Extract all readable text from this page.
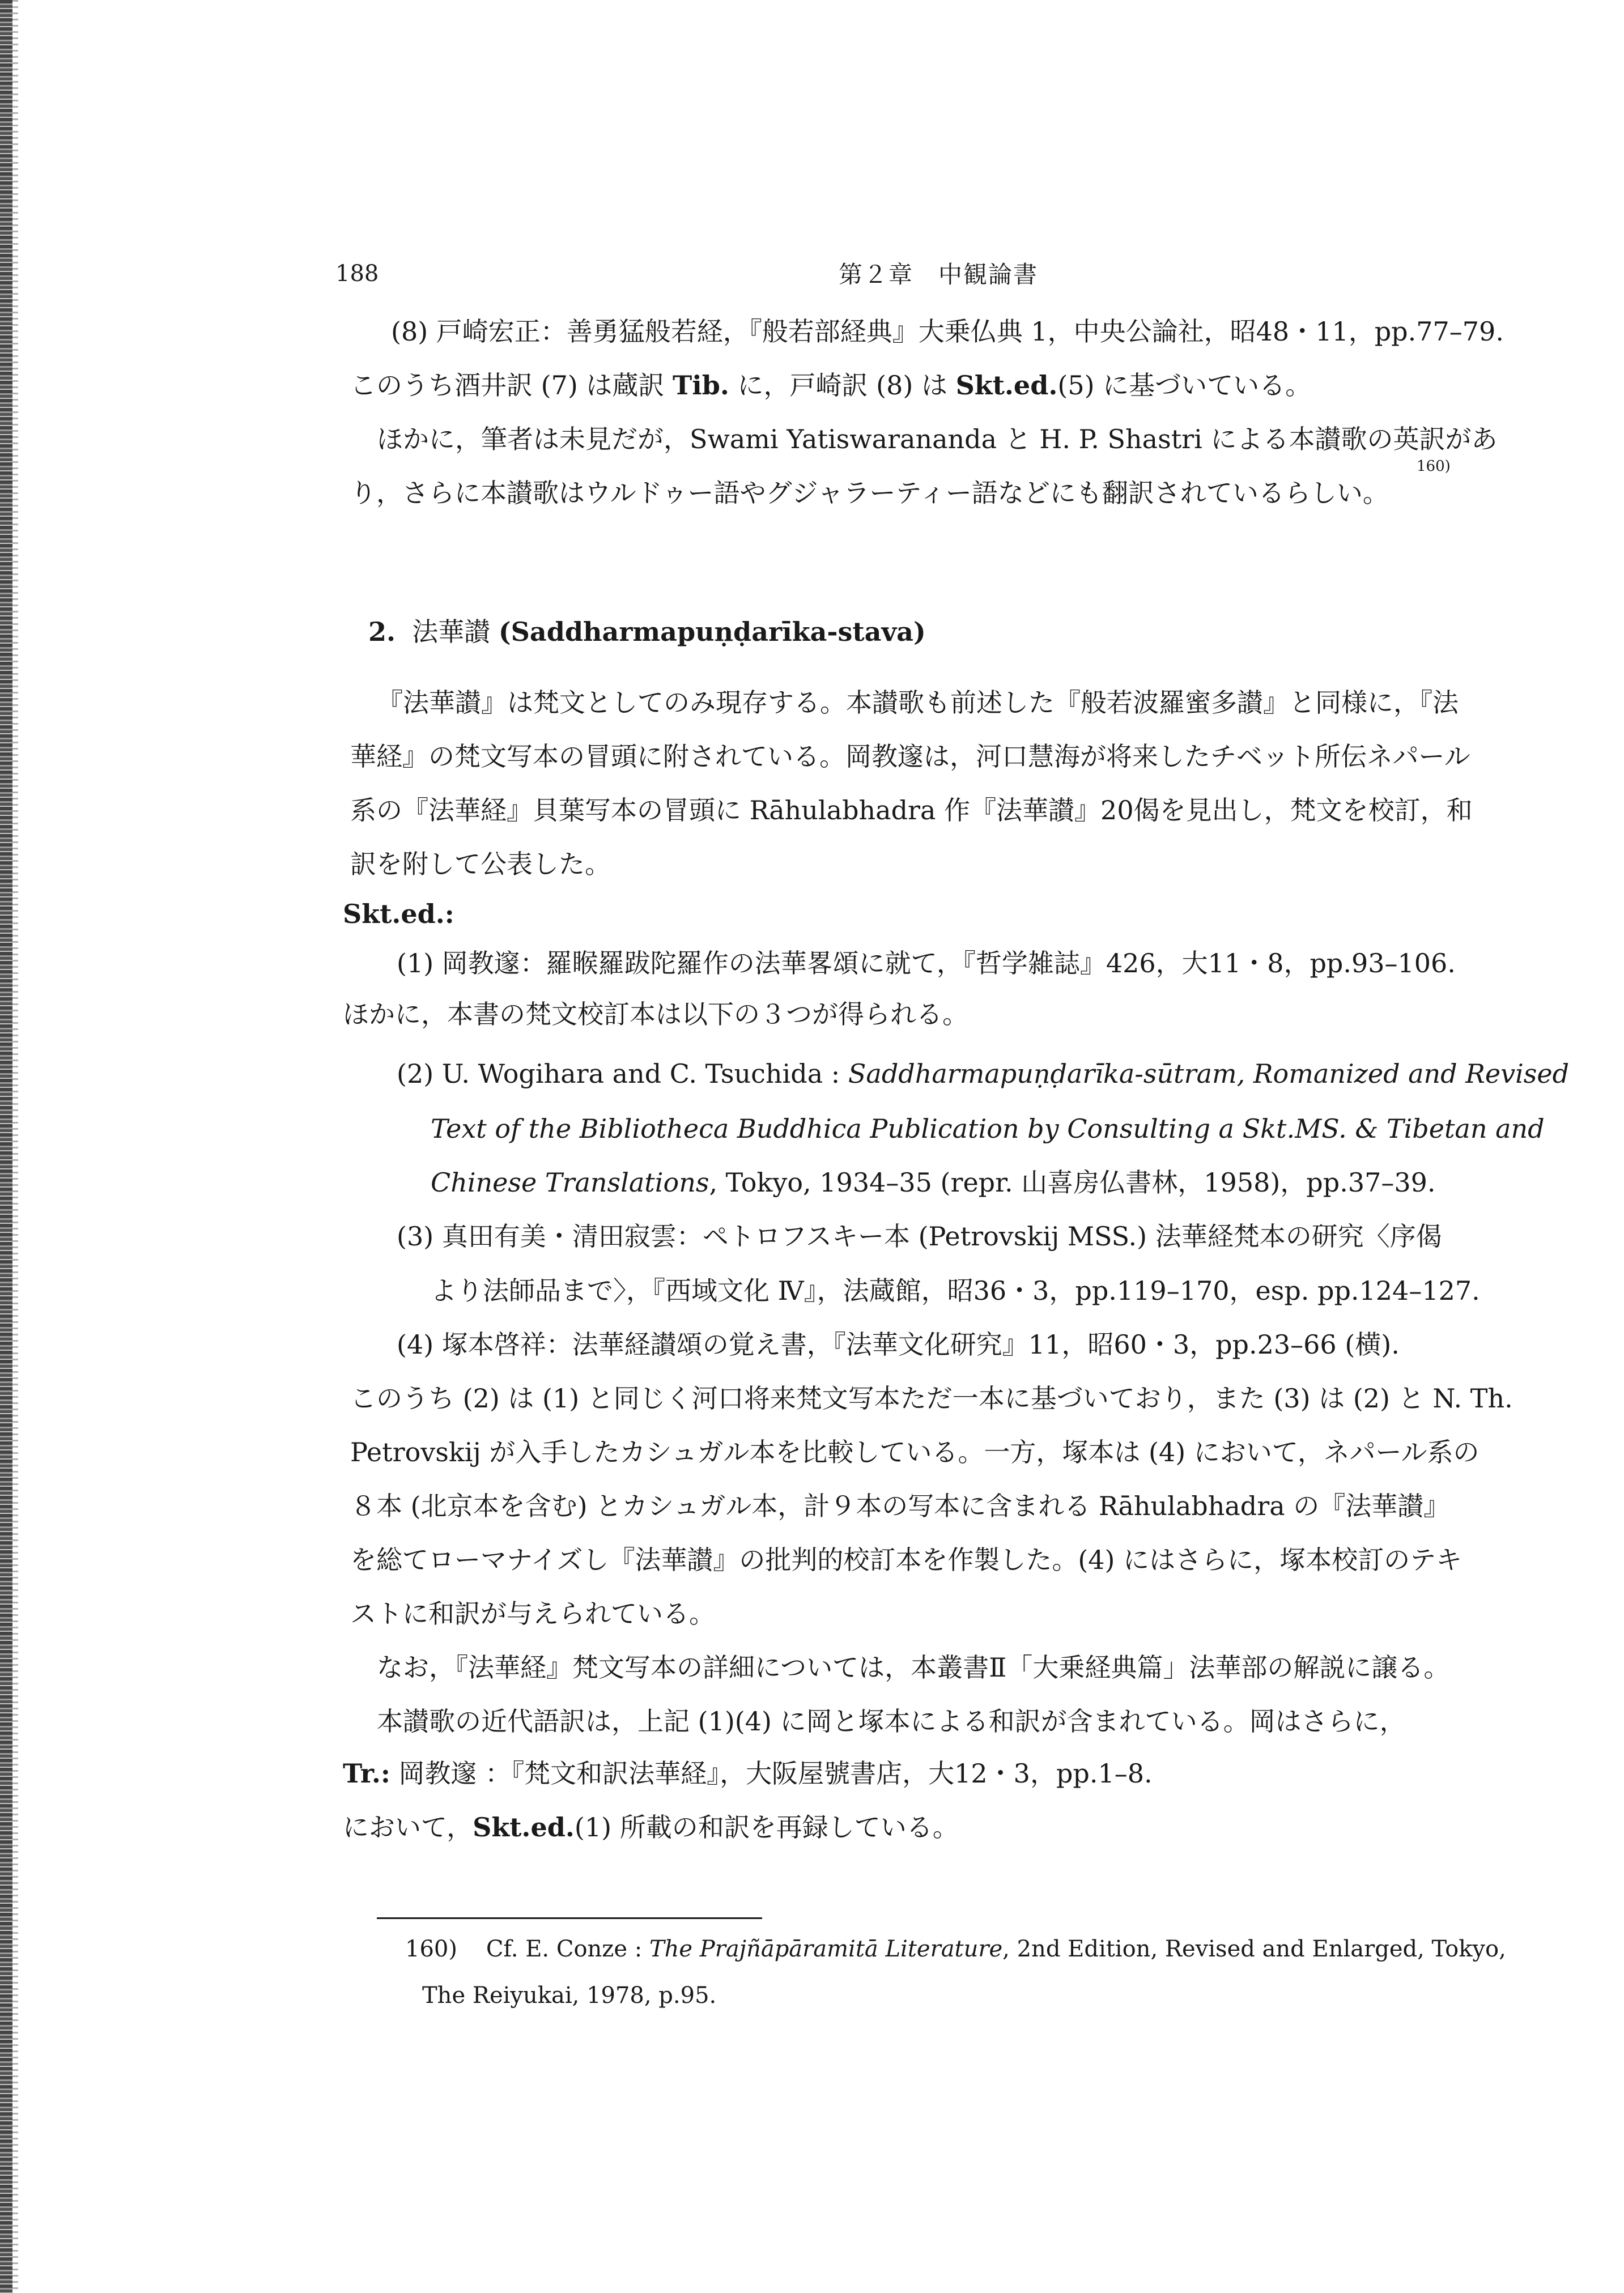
188	第２章　中観論書
(8) 戸崎宏正：善勇猛般若経，『般若部経典』大乗仏典 1，中央公論社，昭48・11，pp.77–79.
このうち酒井訳 (7) は蔵訳 Tib. に，戸崎訳 (8) は Skt.ed.(5) に基づいている。
ほかに，筆者は未見だが，Swami Yatiswarananda と H. P. Shastri による本讃歌の英訳があ
160)
り，さらに本讃歌はウルドゥー語やグジャラーティー語などにも翻訳されているらしい。
2. 法華讃 (Saddharmapuṇḍarīka-stava)
『法華讃』は梵文としてのみ現存する。本讃歌も前述した『般若波羅蜜多讃』と同様に，『法
華経』の梵文写本の冒頭に附されている。岡教邃は，河口慧海が将来したチベット所伝ネパール
系の『法華経』貝葉写本の冒頭に Rāhulabhadra 作『法華讃』20偈を見出し，梵文を校訂，和
訳を附して公表した。
Skt.ed.:
(1) 岡教邃：羅睺羅跋陀羅作の法華畧頌に就て，『哲学雑誌』426，大11・8，pp.93–106.
ほかに，本書の梵文校訂本は以下の３つが得られる。
(2) U. Wogihara and C. Tsuchida : Saddharmapuṇḍarīka-sūtram, Romanized and Revised
Text of the Bibliotheca Buddhica Publication by Consulting a Skt.MS. & Tibetan and
Chinese Translations, Tokyo, 1934–35 (repr. 山喜房仏書林，1958)，pp.37–39.
(3) 真田有美・清田寂雲：ペトロフスキー本 (Petrovskij MSS.) 法華経梵本の研究〈序偈
より法師品まで〉，『西域文化 Ⅳ』，法蔵館，昭36・3，pp.119–170，esp. pp.124–127.
(4) 塚本啓祥：法華経讃頌の覚え書，『法華文化研究』11，昭60・3，pp.23–66 (横).
このうち (2) は (1) と同じく河口将来梵文写本ただ一本に基づいており，また (3) は (2) と N. Th.
Petrovskij が入手したカシュガル本を比較している。一方，塚本は (4) において，ネパール系の
８本 (北京本を含む) とカシュガル本，計９本の写本に含まれる Rāhulabhadra の『法華讃』
を総てローマナイズし『法華讃』の批判的校訂本を作製した。(4) にはさらに，塚本校訂のテキ
ストに和訳が与えられている。
なお，『法華経』梵文写本の詳細については，本叢書Ⅱ「大乗経典篇」法華部の解説に譲る。
本讃歌の近代語訳は，上記 (1)(4) に岡と塚本による和訳が含まれている。岡はさらに，
Tr.: 岡教邃 ：『梵文和訳法華経』，大阪屋號書店，大12・3，pp.1–8.
において，Skt.ed.(1) 所載の和訳を再録している。
160) Cf. E. Conze : The Prajñāpāramitā Literature, 2nd Edition, Revised and Enlarged, Tokyo,
The Reiyukai, 1978, p.95.
